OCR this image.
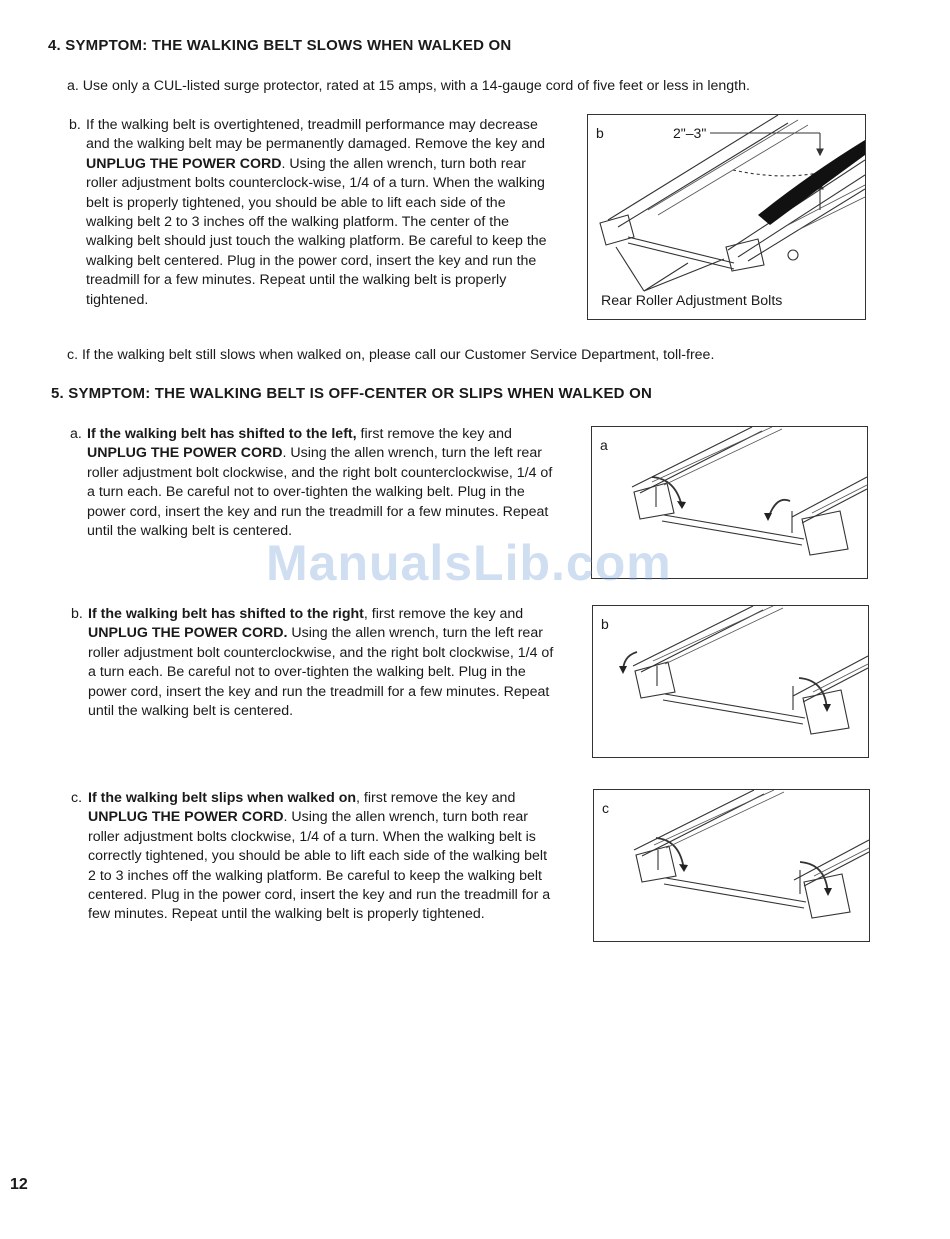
4. SYMPTOM: THE WALKING BELT SLOWS WHEN WALKED ON
a. Use only a CUL-listed surge protector, rated at 15 amps, with a 14-gauge cord of five feet or less in length.
b. If the walking belt is overtightened, treadmill performance may decrease and the walking belt may be permanently damaged. Remove the key and UNPLUG THE POWER CORD. Using the allen wrench, turn both rear roller adjustment bolts counterclock-wise, 1/4 of a turn. When the walking belt is properly tightened, you should be able to lift each side of the walking belt 2 to 3 inches off the walking platform. The center of the walking belt should just touch the walking platform. Be careful to keep the walking belt centered. Plug in the power cord, insert the key and run the treadmill for a few minutes. Repeat until the walking belt is properly tightened.
b	2"–3"
Rear Roller Adjustment Bolts
c. If the walking belt still slows when walked on, please call our Customer Service Department, toll-free.
5. SYMPTOM: THE WALKING BELT IS OFF-CENTER OR SLIPS WHEN WALKED ON
a. If the walking belt has shifted to the left, first remove the key and UNPLUG THE POWER CORD. Using the allen wrench, turn the left rear roller adjustment bolt clockwise, and the right bolt counterclockwise, 1/4 of a turn each. Be careful not to over-tighten the walking belt. Plug in the power cord, insert the key and run the treadmill for a few minutes. Repeat until the walking belt is centered.
a
ManualsLib.com
b. If the walking belt has shifted to the right, first remove the key and UNPLUG THE POWER CORD. Using the allen wrench, turn the left rear roller adjustment bolt counterclockwise, and the right bolt clockwise, 1/4 of a turn each. Be careful not to over-tighten the walking belt. Plug in the power cord, insert the key and run the treadmill for a few minutes. Repeat until the walking belt is centered.
b
c. If the walking belt slips when walked on, first remove the key and UNPLUG THE POWER CORD. Using the allen wrench, turn both rear roller adjustment bolts clockwise, 1/4 of a turn. When the walking belt is correctly tightened, you should be able to lift each side of the walking belt 2 to 3 inches off the walking platform. Be careful to keep the walking belt centered. Plug in the power cord, insert the key and run the treadmill for a few minutes. Repeat until the walking belt is properly tightened.
c
12
